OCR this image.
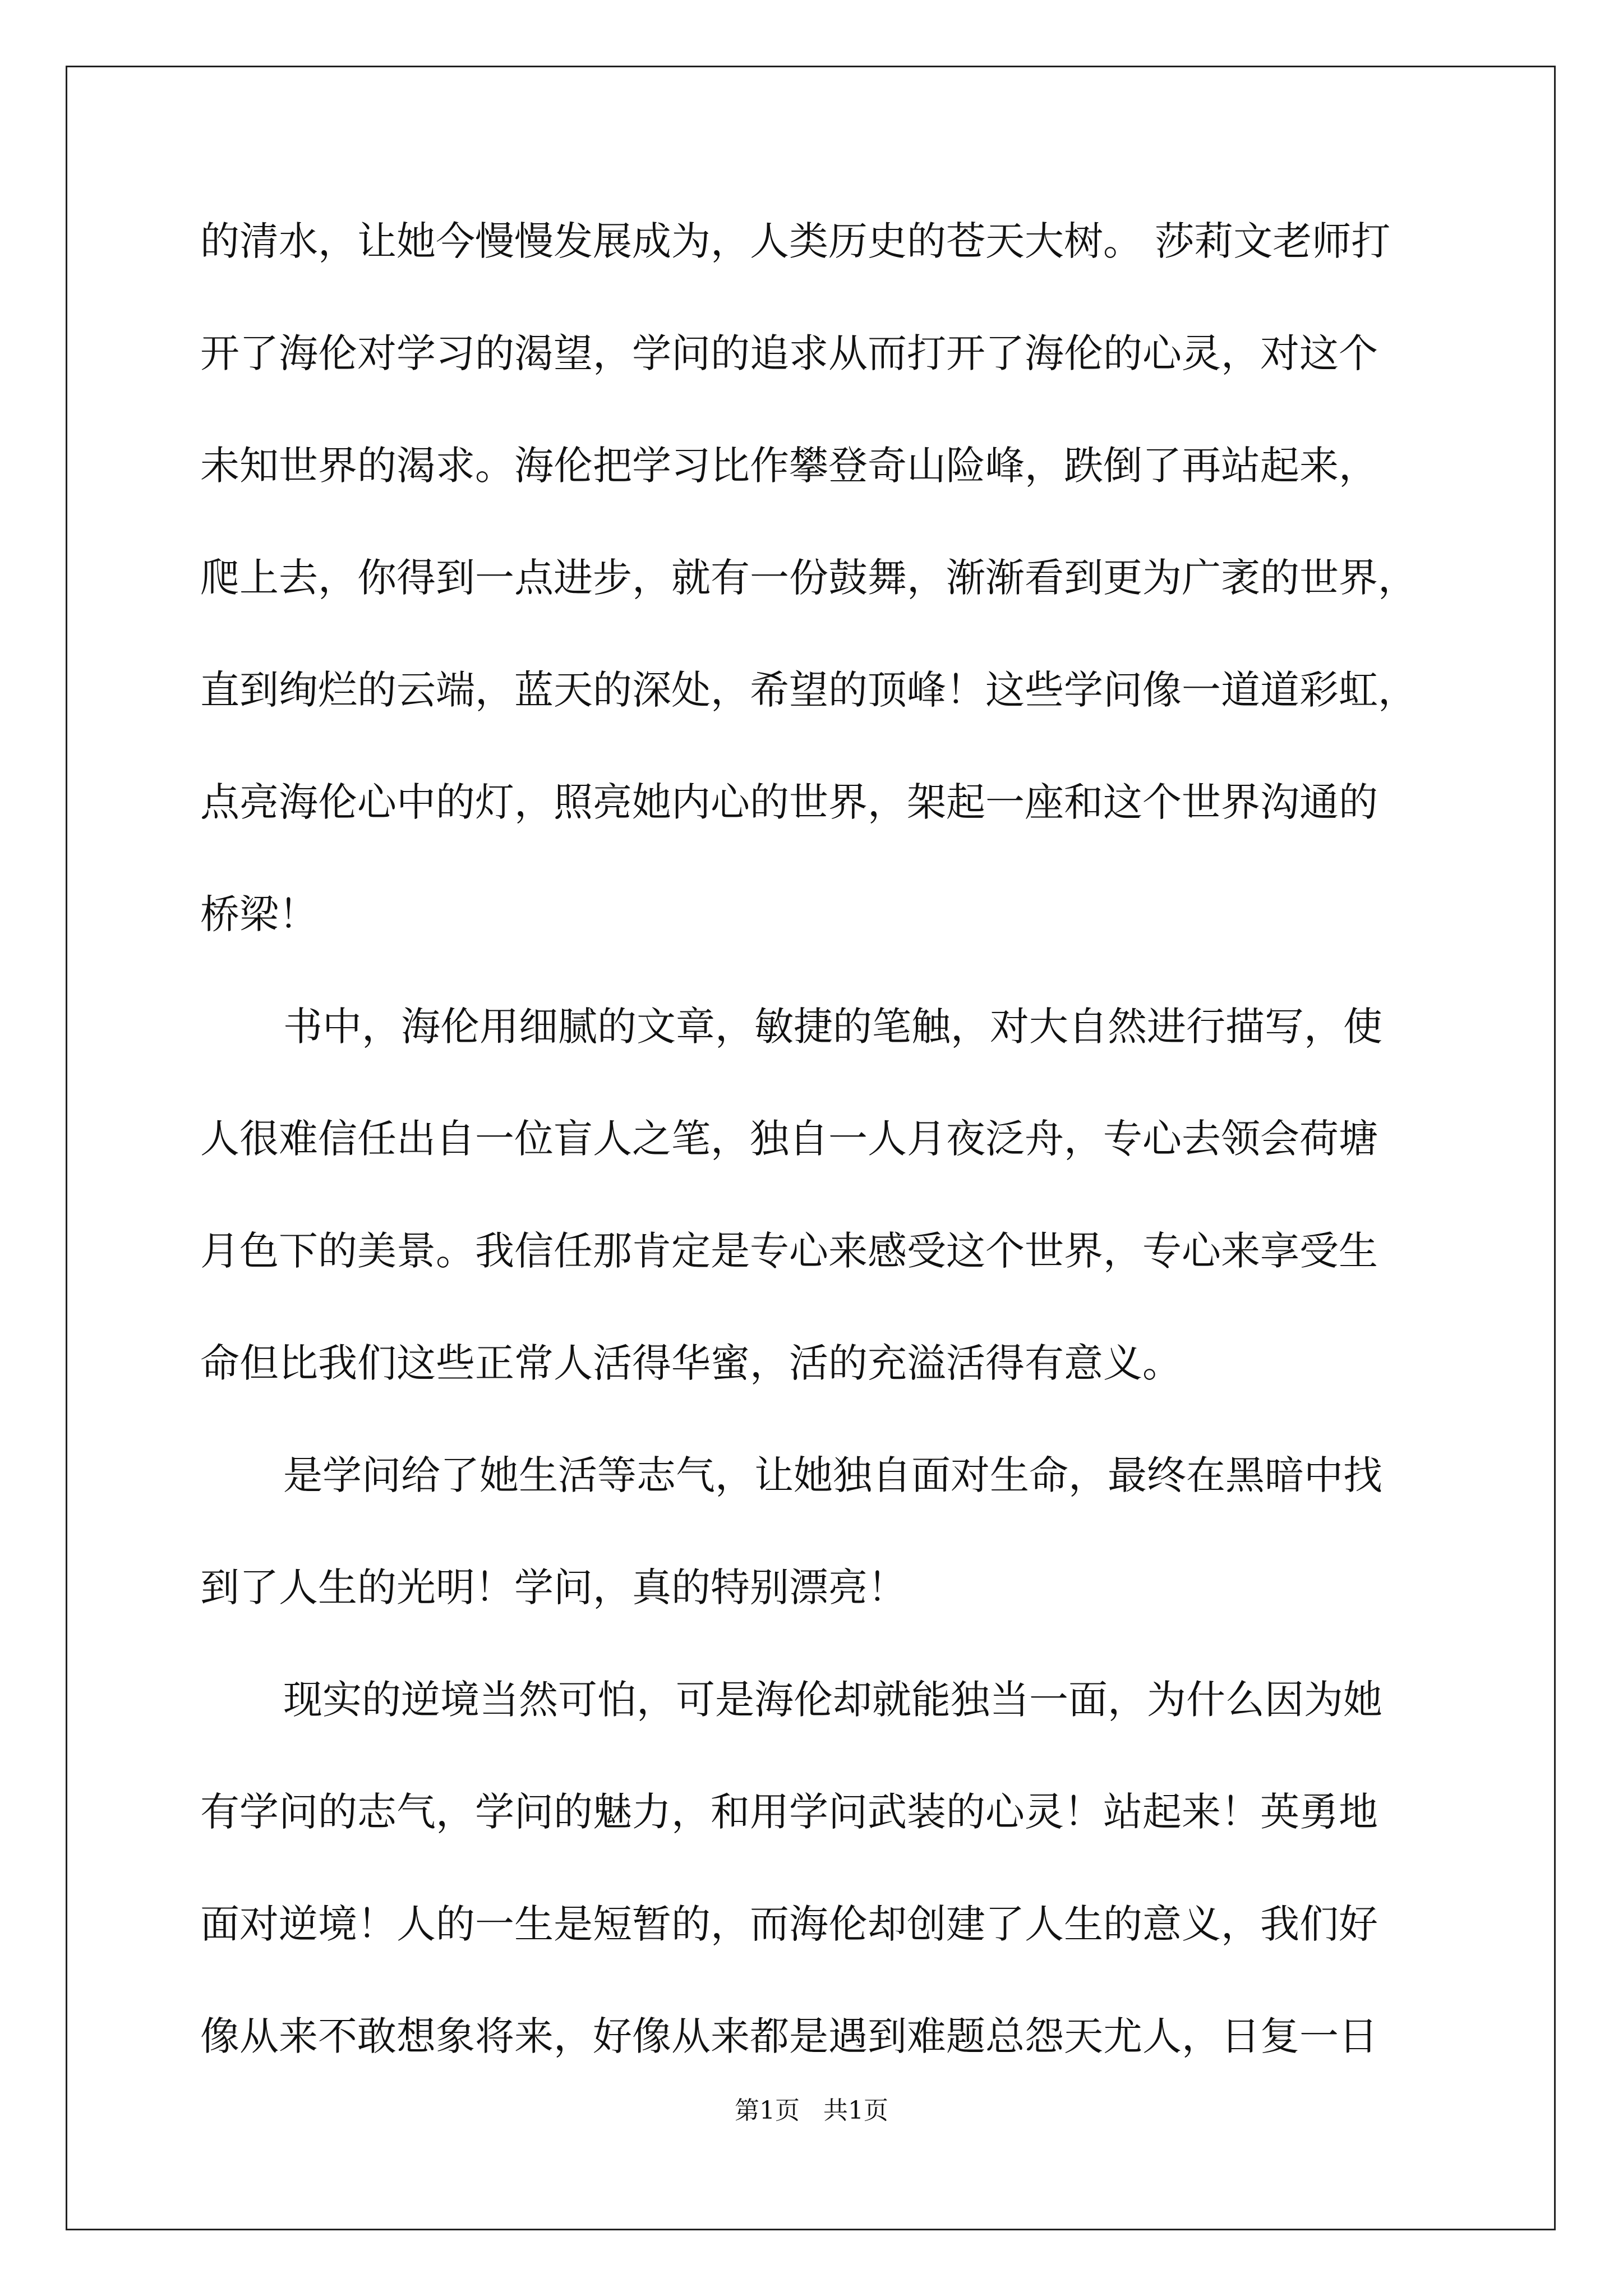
的清水，让她今慢慢发展成为，人类历史的苍天大树。 莎莉文老师打
开了海伦对学习的渴望，学问的追求从而打开了海伦的心灵，对这个
未知世界的渴求。海伦把学习比作攀登奇山险峰，跌倒了再站起来，
爬上去，你得到一点进步，就有一份鼓舞，渐渐看到更为广袤的世界，
直到绚烂的云端，蓝天的深处，希望的顶峰！这些学问像一道道彩虹，
点亮海伦心中的灯，照亮她内心的世界，架起一座和这个世界沟通的
桥梁！
书中，海伦用细腻的文章，敏捷的笔触，对大自然进行描写，使
人很难信任出自一位盲人之笔，独自一人月夜泛舟，专心去领会荷塘
月色下的美景。我信任那肯定是专心来感受这个世界，专心来享受生
命但比我们这些正常人活得华蜜，活的充溢活得有意义。
是学问给了她生活等志气，让她独自面对生命，最终在黑暗中找
到了人生的光明！学问，真的特别漂亮！
现实的逆境当然可怕，可是海伦却就能独当一面，为什么因为她
有学问的志气，学问的魅力，和用学问武装的心灵！站起来！英勇地
面对逆境！人的一生是短暂的，而海伦却创建了人生的意义，我们好
像从来不敢想象将来，好像从来都是遇到难题总怨天尤人，日复一日
第1页   共1页
